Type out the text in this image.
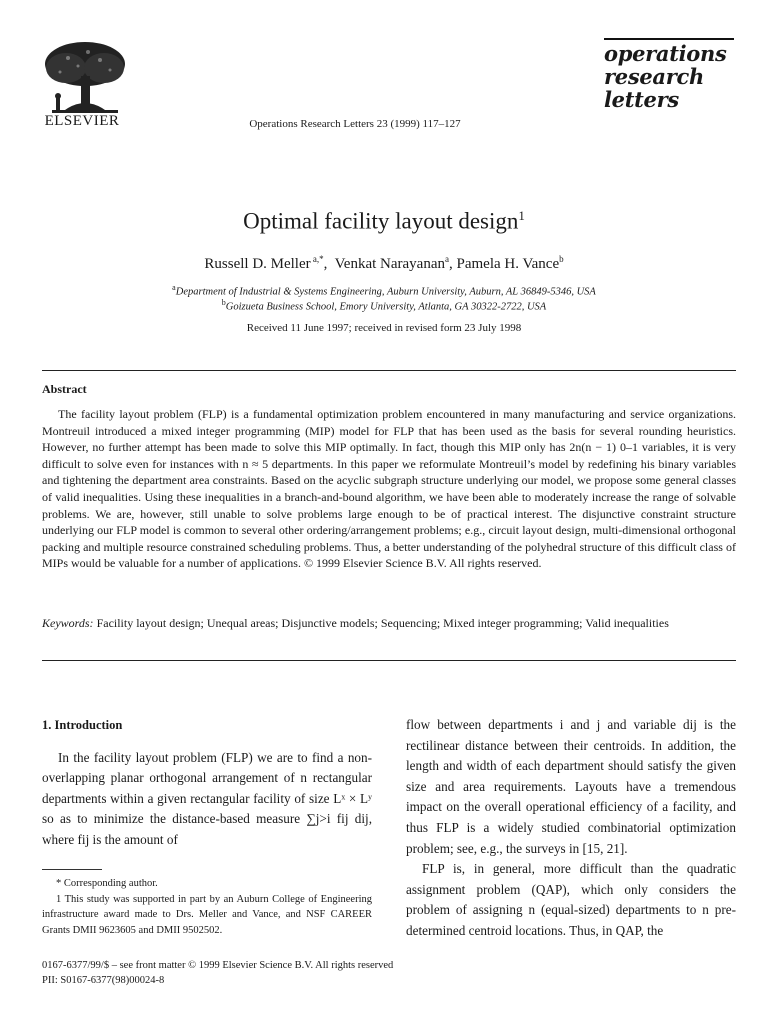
ELSEVIER	Operations Research Letters 23 (1999) 117–127
operations
research
letters
Optimal facility layout design$^1$
Russell D. Meller $^{a,*}$,  Venkat Narayanan$^a$, Pamela H. Vance$^b$
$^a$Department of Industrial & Systems Engineering, Auburn University, Auburn, AL 36849-5346, USA
$^b$Goizueta Business School, Emory University, Atlanta, GA 30322-2722, USA
Received 11 June 1997; received in revised form 23 July 1998
Abstract
The facility layout problem (FLP) is a fundamental optimization problem encountered in many manufacturing and service organizations. Montreuil introduced a mixed integer programming (MIP) model for FLP that has been used as the basis for several rounding heuristics. However, no further attempt has been made to solve this MIP optimally. In fact, though this MIP only has 2n(n − 1) 0–1 variables, it is very difficult to solve even for instances with n ≈ 5 departments. In this paper we reformulate Montreuil’s model by redefining his binary variables and tightening the department area constraints. Based on the acyclic subgraph structure underlying our model, we propose some general classes of valid inequalities. Using these inequalities in a branch-and-bound algorithm, we have been able to moderately increase the range of solvable problems. We are, however, still unable to solve problems large enough to be of practical interest. The disjunctive constraint structure underlying our FLP model is common to several other ordering/arrangement problems; e.g., circuit layout design, multi-dimensional orthogonal packing and multiple resource constrained scheduling problems. Thus, a better understanding of the polyhedral structure of this difficult class of MIPs would be valuable for a number of applications. © 1999 Elsevier Science B.V. All rights reserved.
Keywords: Facility layout design; Unequal areas; Disjunctive models; Sequencing; Mixed integer programming; Valid inequalities
1. Introduction
In the facility layout problem (FLP) we are to find a non-overlapping planar orthogonal arrangement of n rectangular departments within a given rectangular facility of size Lˣ × Lʸ so as to minimize the distance-based measure ∑j>i fij dij, where fij is the amount of
* Corresponding author.
1 This study was supported in part by an Auburn College of Engineering infrastructure award made to Drs. Meller and Vance, and NSF CAREER Grants DMII 9623605 and DMII 9502502.
flow between departments i and j and variable dij is the rectilinear distance between their centroids. In addition, the length and width of each department should satisfy the given size and area requirements. Layouts have a tremendous impact on the overall operational efficiency of a facility, and thus FLP is a widely studied combinatorial optimization problem; see, e.g., the surveys in [15, 21].
FLP is, in general, more difficult than the quadratic assignment problem (QAP), which only considers the problem of assigning n (equal-sized) departments to n pre-determined centroid locations. Thus, in QAP, the
0167-6377/99/$ – see front matter © 1999 Elsevier Science B.V. All rights reserved
PII: S0167-6377(98)00024-8
